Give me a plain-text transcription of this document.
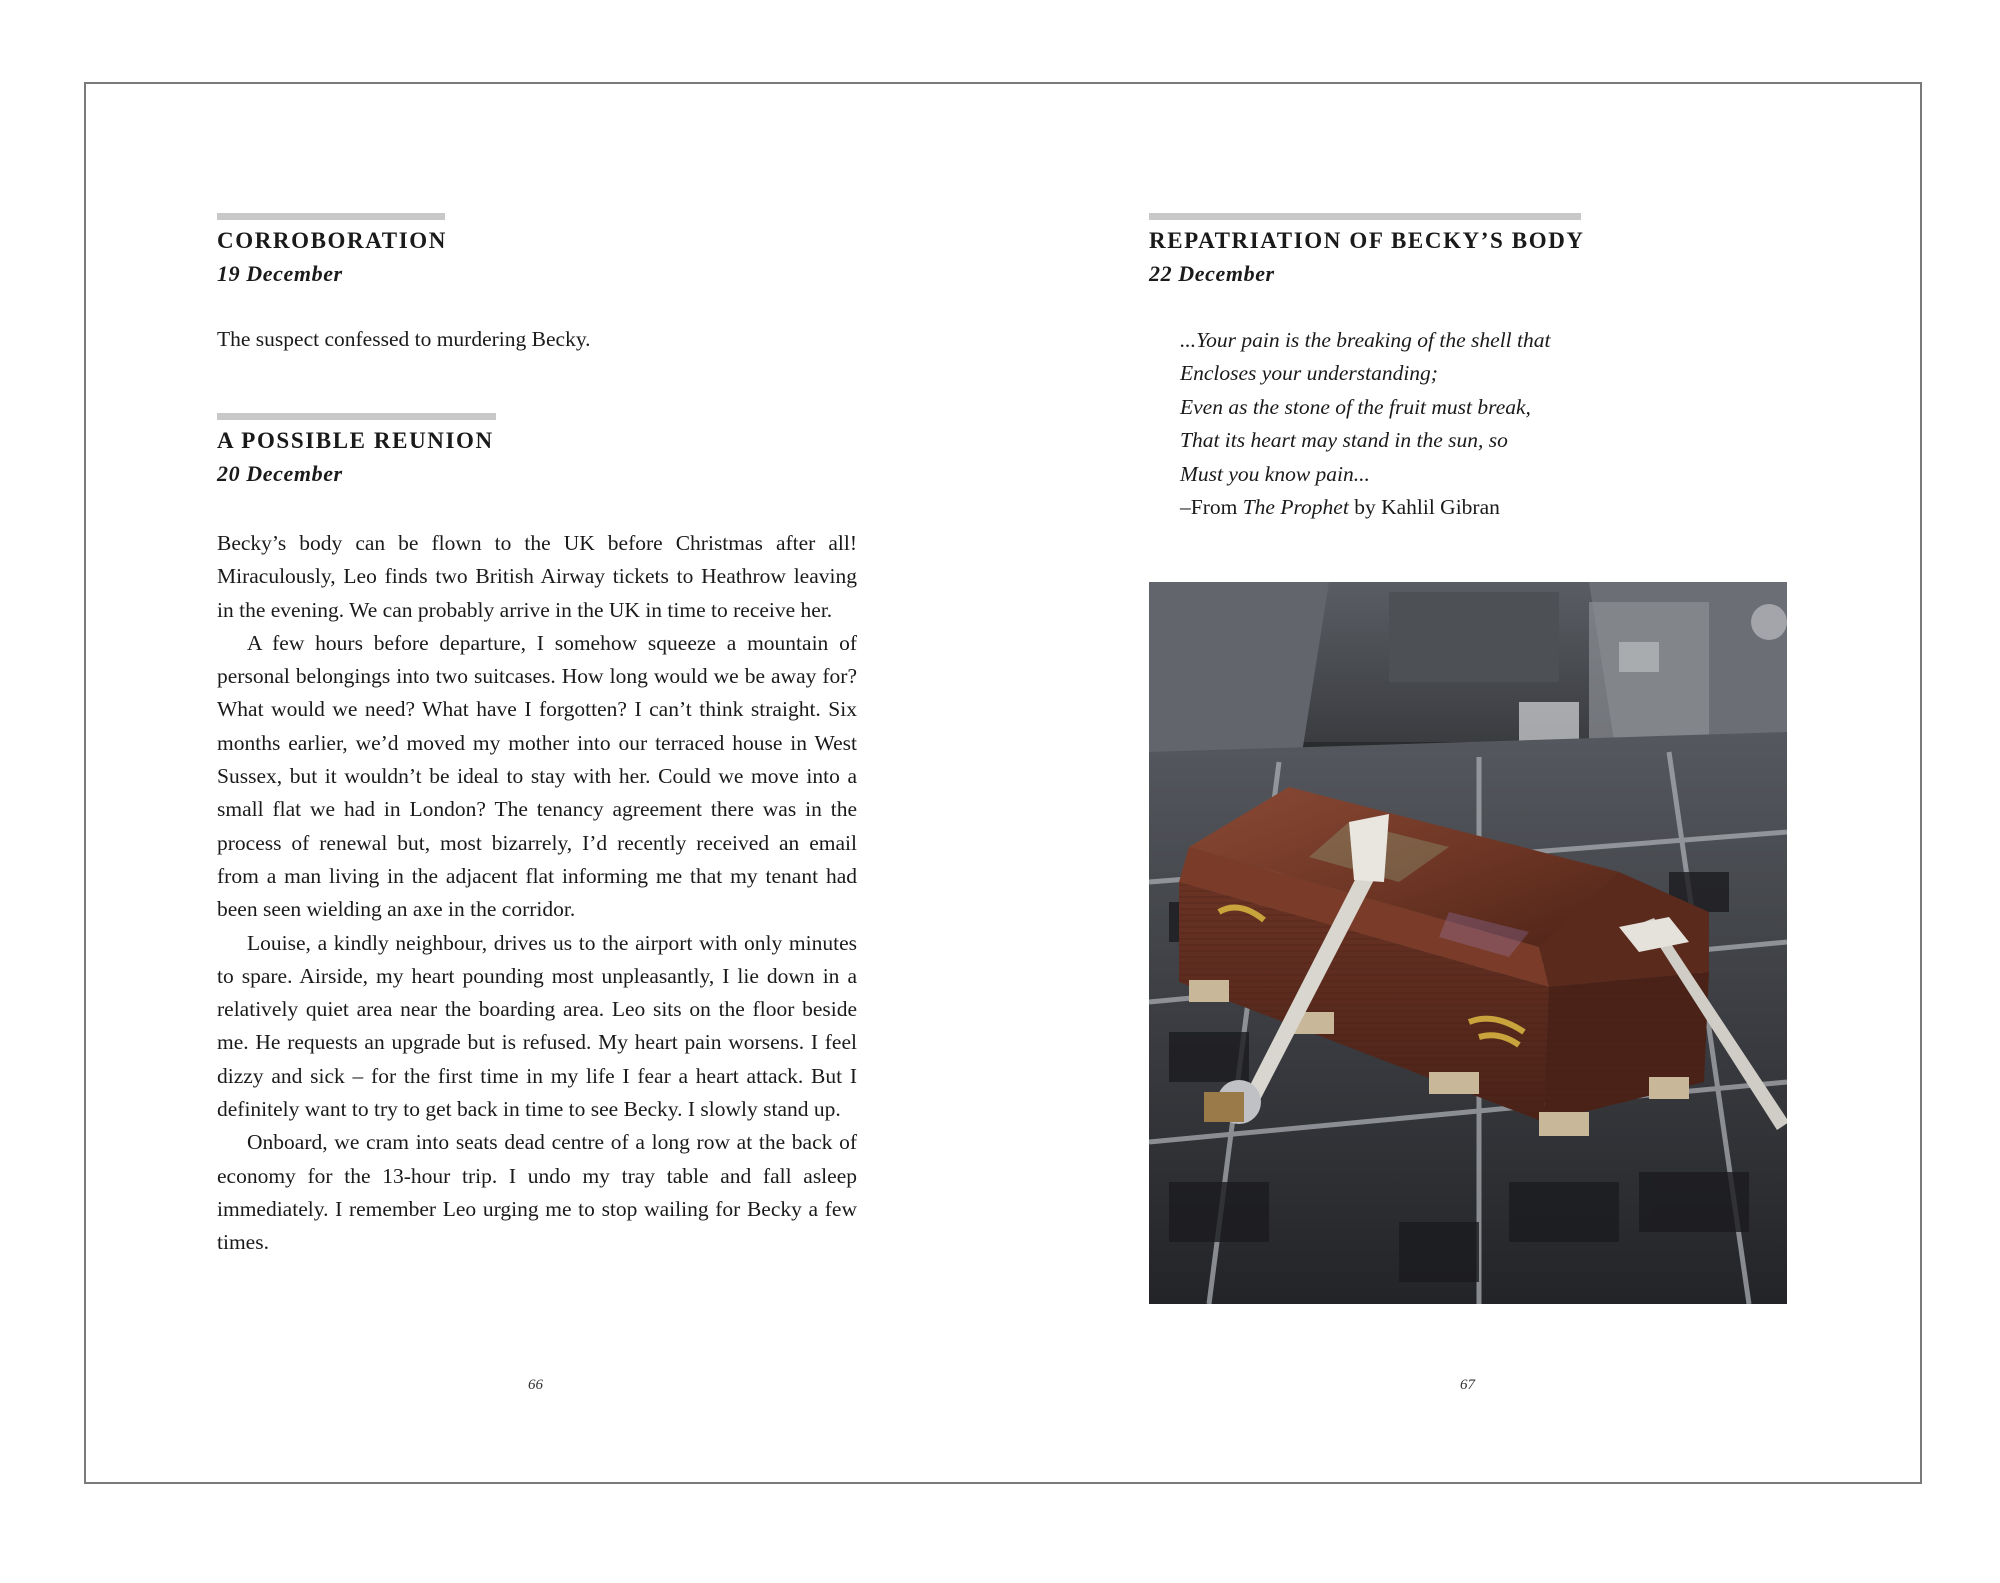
CORROBORATION
19 December
The suspect confessed to murdering Becky.
A POSSIBLE REUNION
20 December

Becky’s body can be flown to the UK before Christmas after all! Miraculously, Leo finds two British Airway tickets to Heathrow leaving in the evening. We can probably arrive in the UK in time to receive her.

A few hours before departure, I somehow squeeze a mountain of personal belongings into two suitcases. How long would we be away for? What would we need? What have I forgotten? I can’t think straight. Six months earlier, we’d moved my mother into our terraced house in West Sussex, but it wouldn’t be ideal to stay with her. Could we move into a small flat we had in London? The tenancy agreement there was in the process of renewal but, most bizarrely, I’d recently received an email from a man living in the adjacent flat informing me that my tenant had been seen wielding an axe in the corridor.

Louise, a kindly neighbour, drives us to the airport with only minutes to spare. Airside, my heart pounding most unpleasantly, I lie down in a relatively quiet area near the boarding area. Leo sits on the floor beside me. He requests an upgrade but is refused. My heart pain worsens. I feel dizzy and sick – for the first time in my life I fear a heart attack. But I definitely want to try to get back in time to see Becky. I slowly stand up.

Onboard, we cram into seats dead centre of a long row at the back of economy for the 13-hour trip. I undo my tray table and fall asleep immediately. I remember Leo urging me to stop wailing for Becky a few times.

66
REPATRIATION OF BECKY’S BODY
22 December
...Your pain is the breaking of the shell that
Encloses your understanding;
Even as the stone of the fruit must break,
That its heart may stand in the sun, so
Must you know pain...
–From The Prophet by Kahlil Gibran
67
